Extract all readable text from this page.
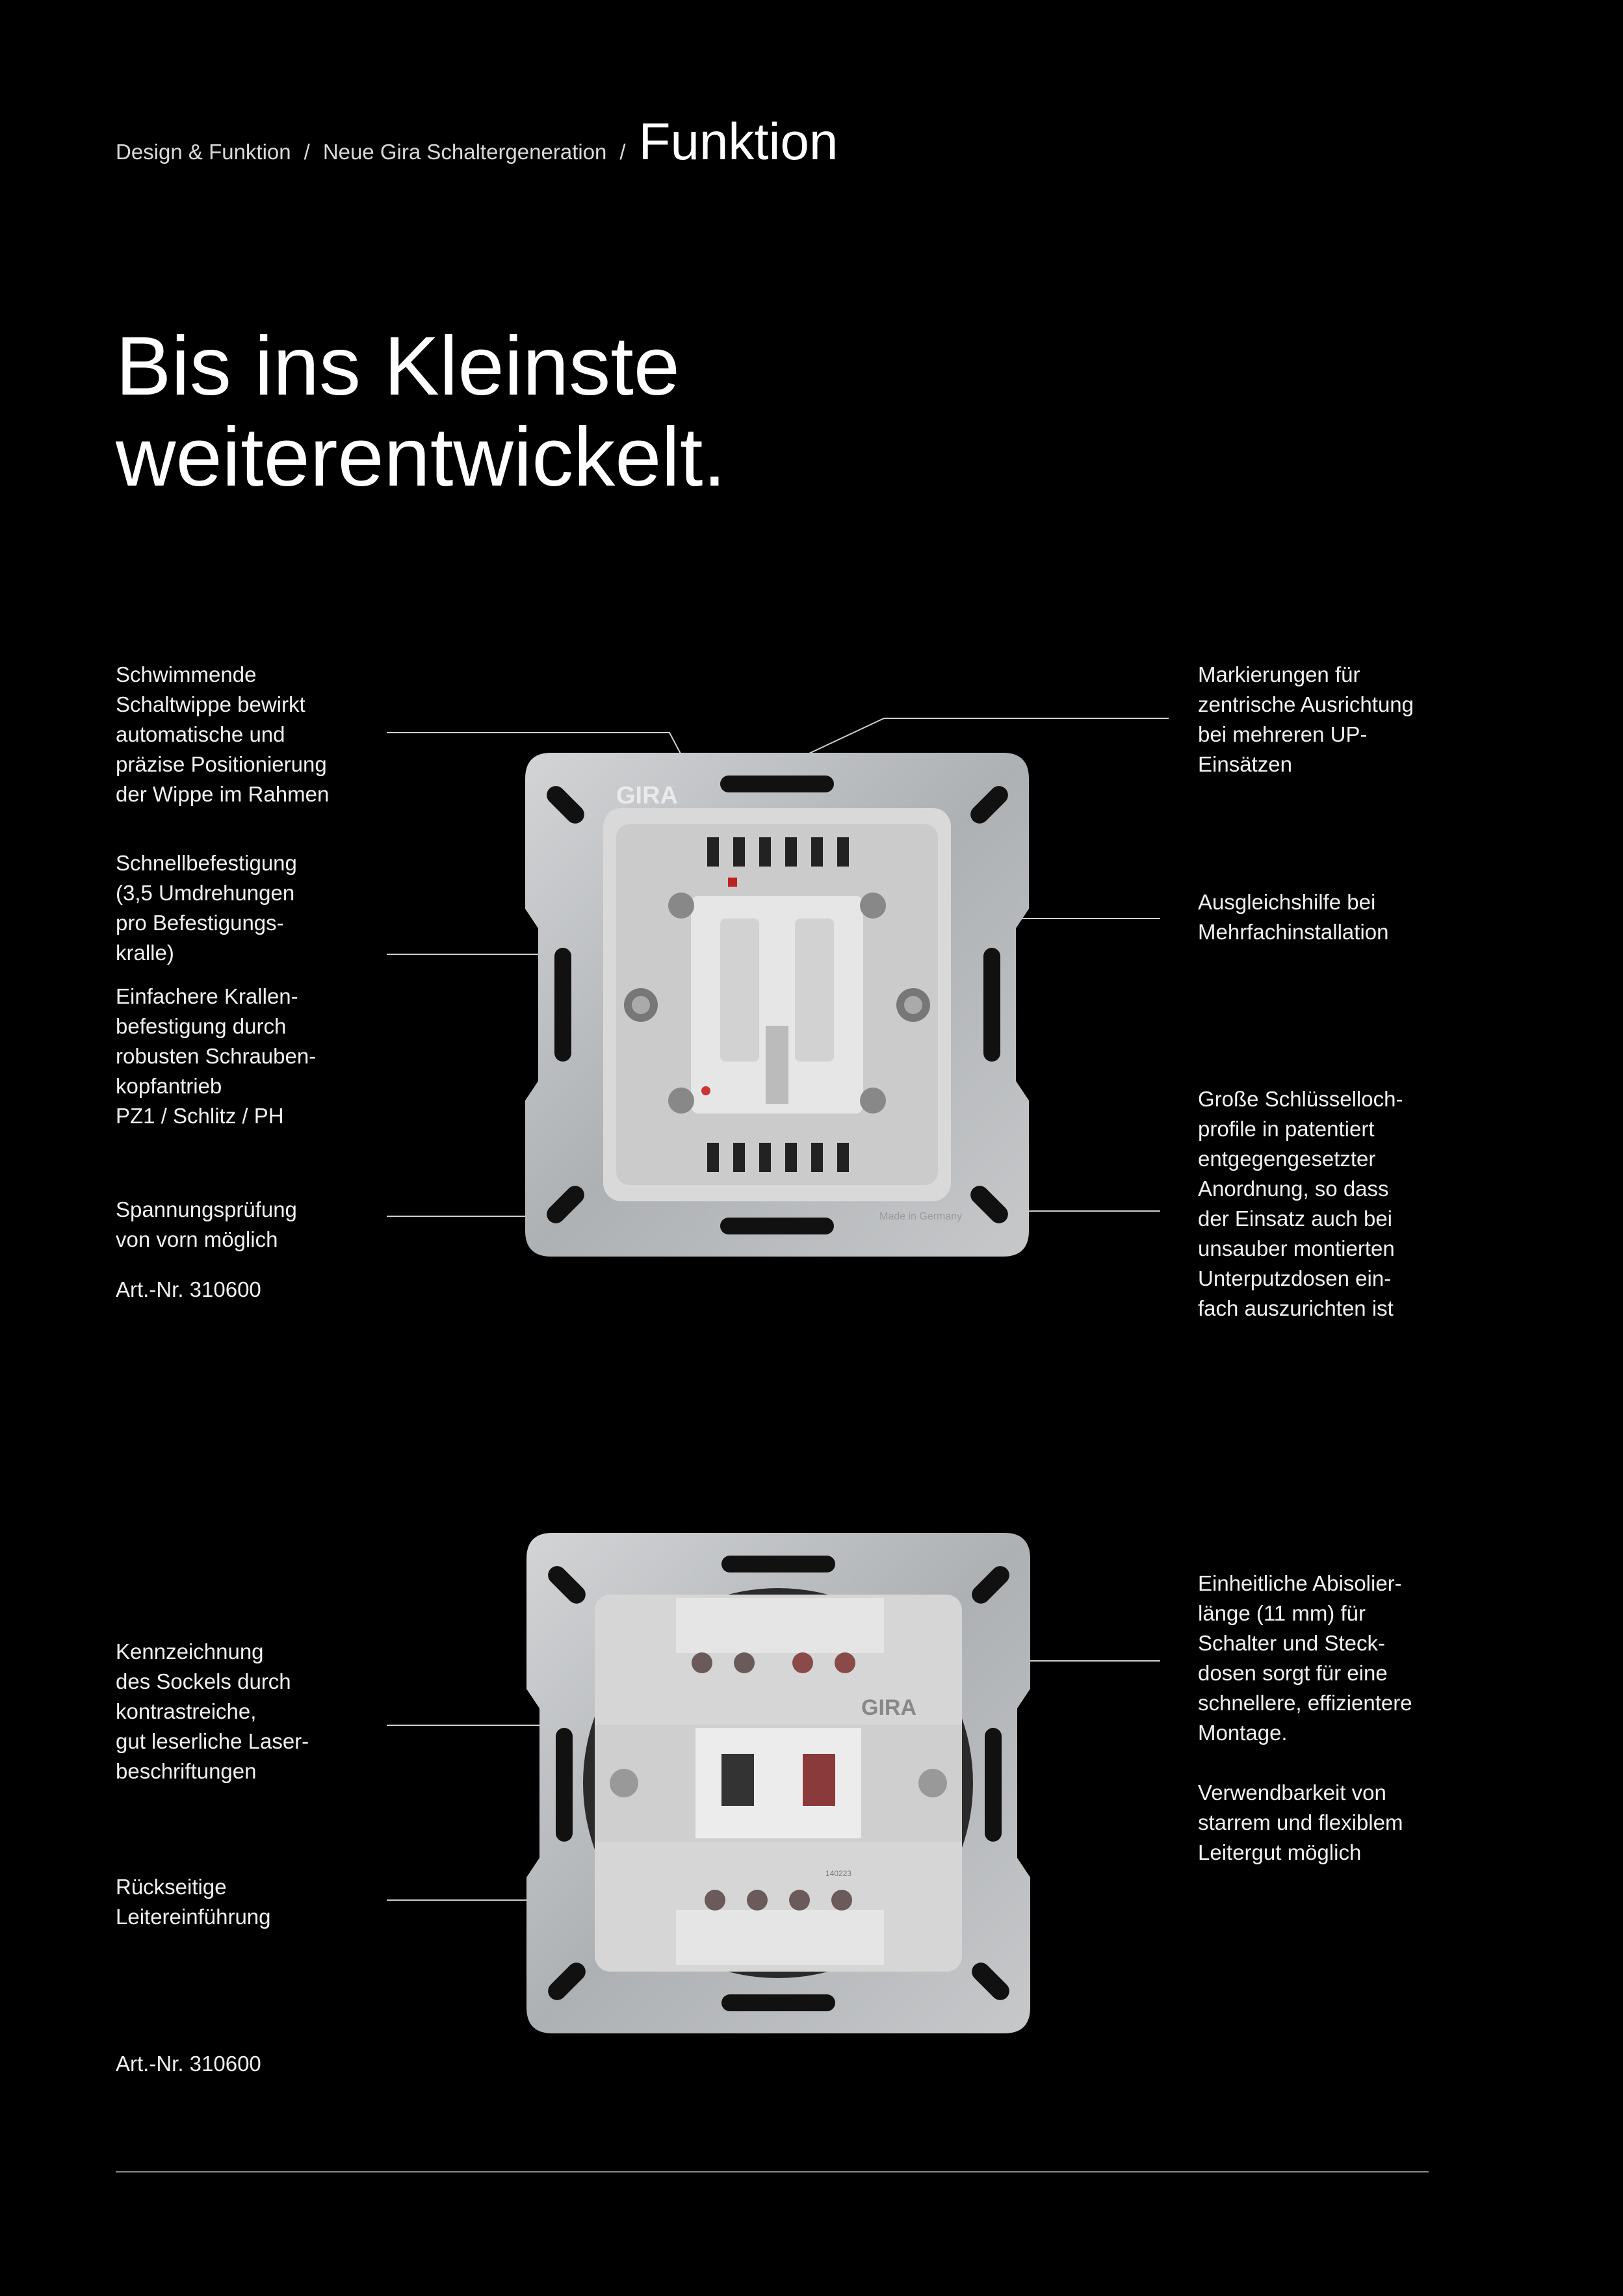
Design & Funktion / Neue Gira Schaltergeneration / Funktion
Bis ins Kleinste
weiterentwickelt.
GIRA
Made in Germany
GIRA
140223
Schwimmende
Schaltwippe bewirkt
automatische und
präzise Positionierung
der Wippe im Rahmen
Schnellbefestigung
(3,5 Umdrehungen
pro Befestigungs-
kralle)
Einfachere Krallen-
befestigung durch
robusten Schrauben-
kopfantrieb
PZ1 / Schlitz / PH
Spannungsprüfung
von vorn möglich
Art.-Nr. 310600
Markierungen für
zentrische Ausrichtung
bei mehreren UP-
Einsätzen
Ausgleichshilfe bei
Mehrfachinstallation
Große Schlüsselloch-
profile in patentiert
entgegengesetzter
Anordnung, so dass
der Einsatz auch bei
unsauber montierten
Unterputzdosen ein-
fach auszurichten ist
Kennzeichnung
des Sockels durch
kontrastreiche,
gut leserliche Laser-
beschriftungen
Rückseitige
Leitereinführung
Art.-Nr. 310600
Einheitliche Abisolier-
länge (11 mm) für
Schalter und Steck-
dosen sorgt für eine
schnellere, effizientere
Montage.
Verwendbarkeit von
starrem und flexiblem
Leitergut möglich
